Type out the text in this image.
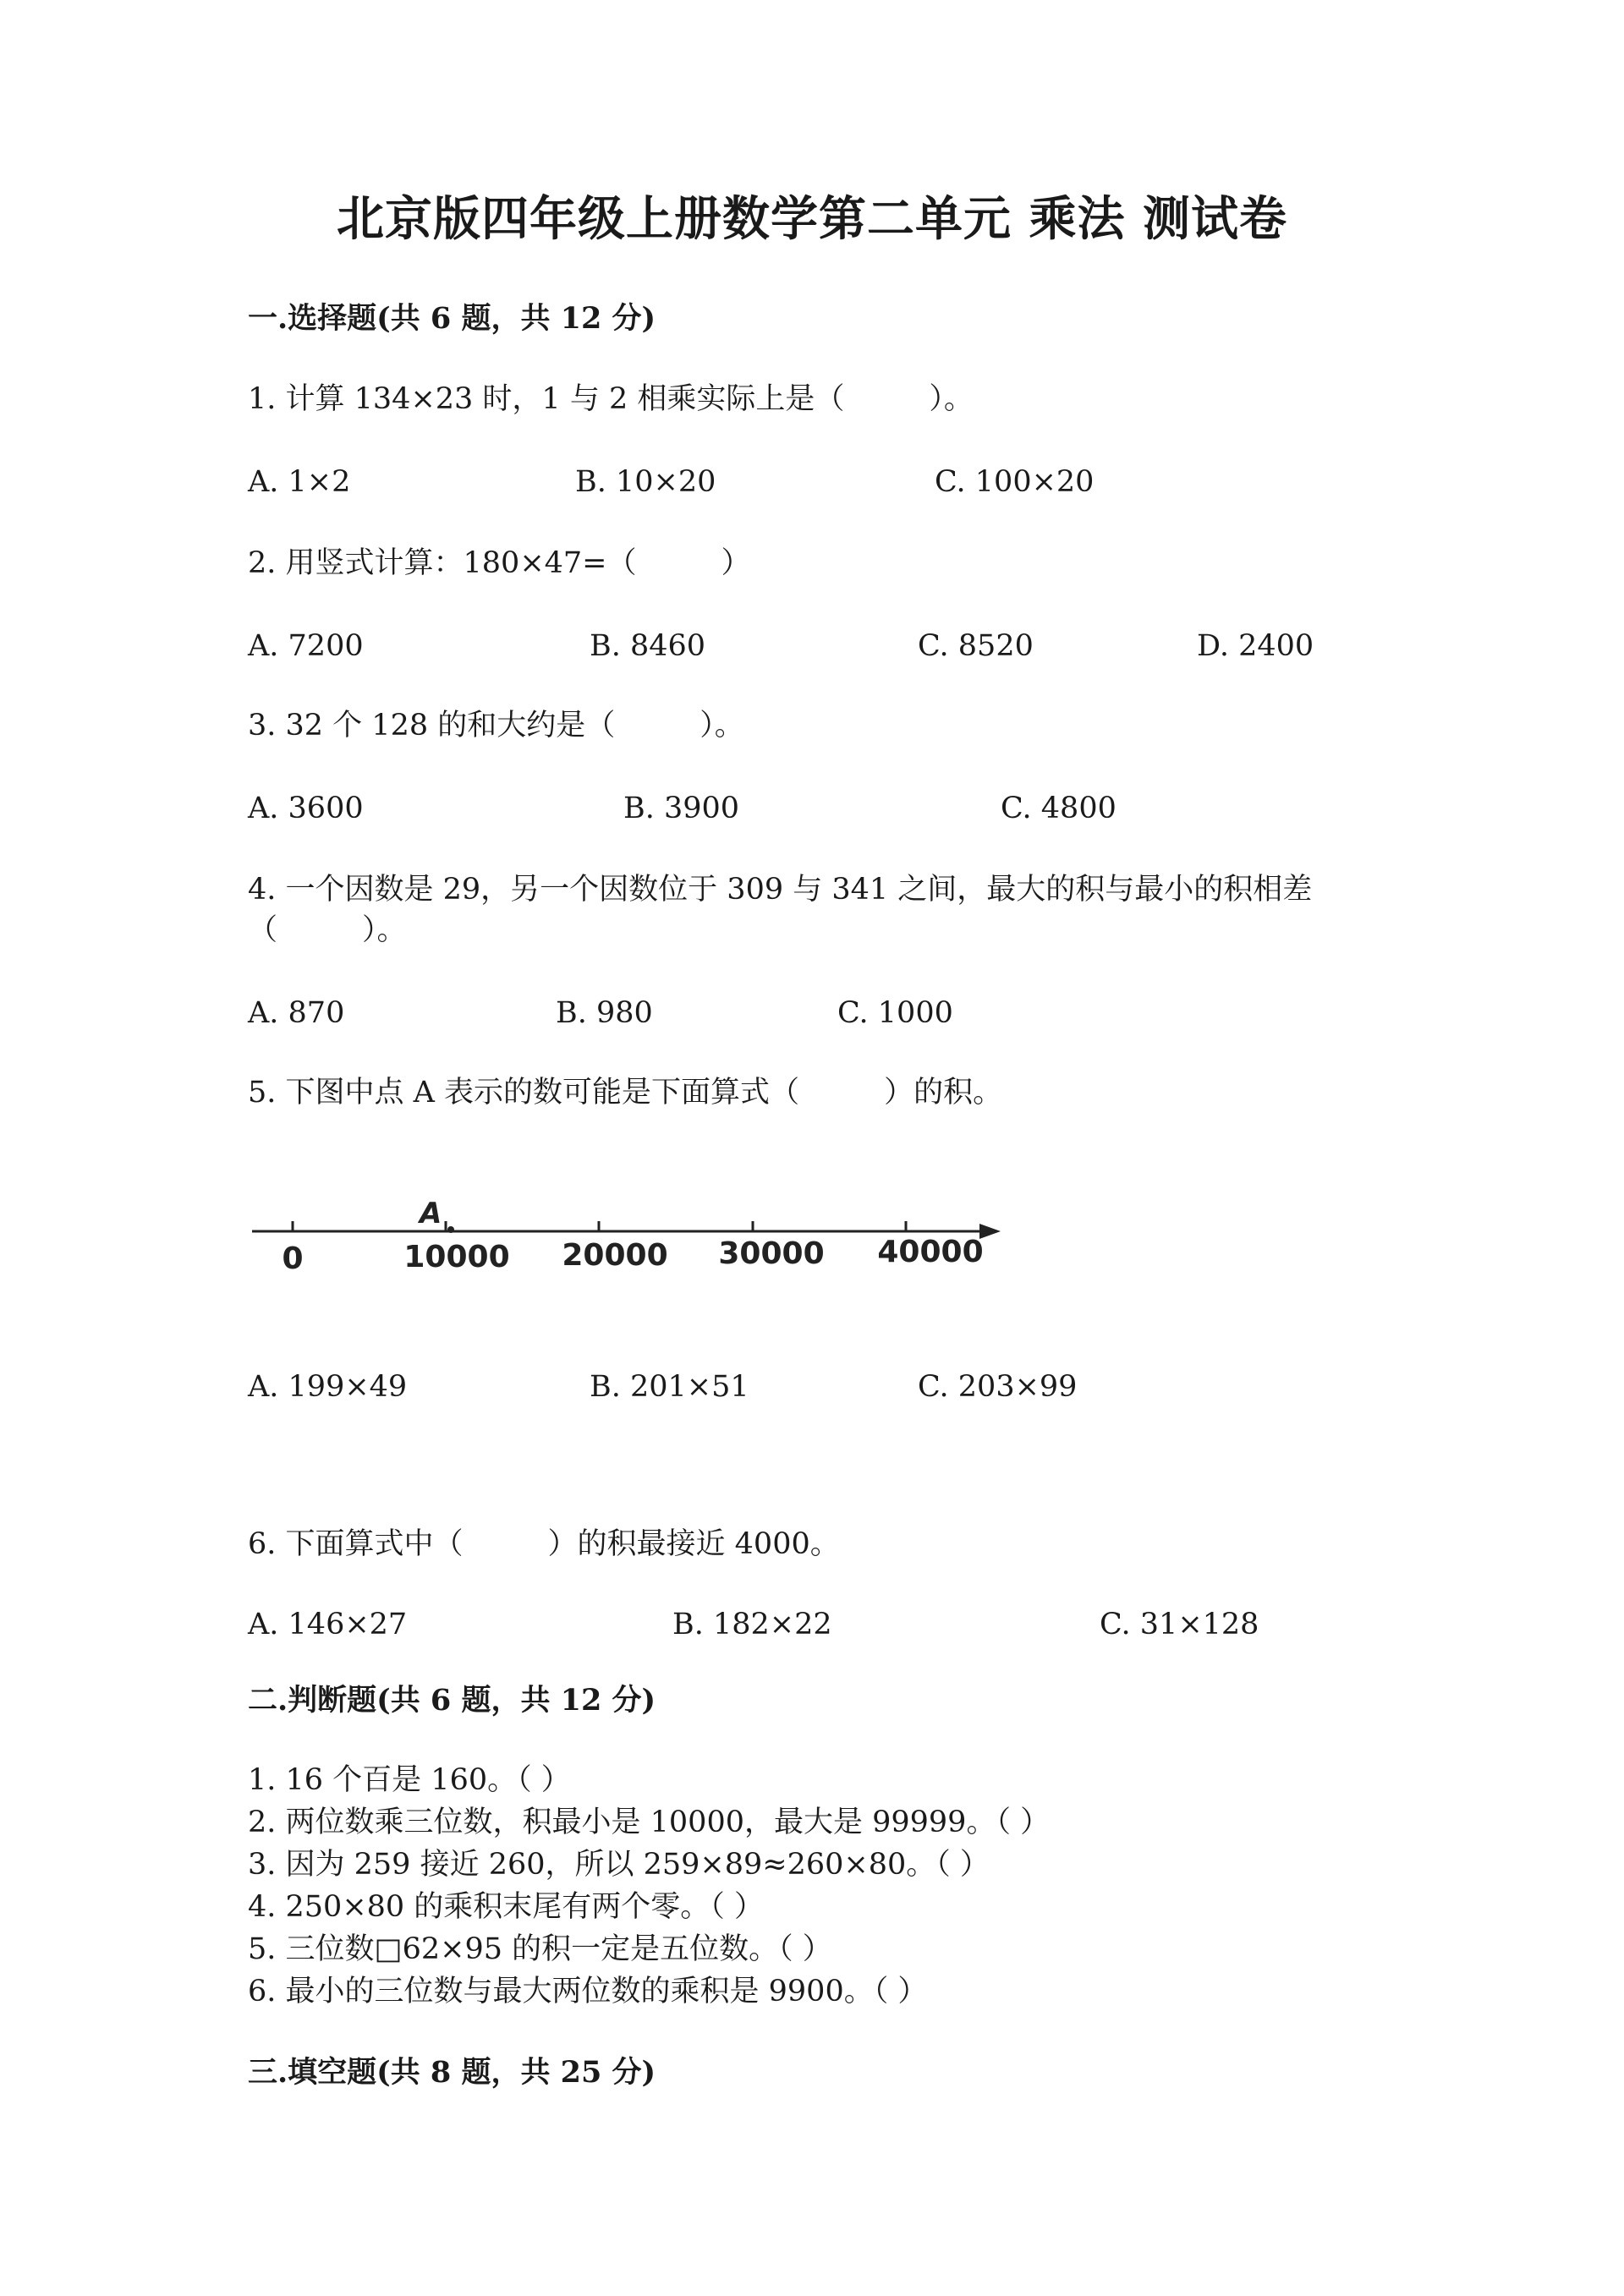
北京版四年级上册数学第二单元 乘法 测试卷
一.选择题(共 6 题，共 12 分)
1. 计算 134×23 时，1 与 2 相乘实际上是（	）。
A. 1×2	B. 10×20	C. 100×20
2. 用竖式计算：180×47=（	）
A. 7200	B. 8460	C. 8520	D. 2400
3. 32 个 128 的和大约是（	）。
A. 3600	B. 3900	C. 4800
4. 一个因数是 29，另一个因数位于 309 与 341 之间，最大的积与最小的积相差
（	）。
A. 870	B. 980	C. 1000
5. 下图中点 A 表示的数可能是下面算式（	）的积。
A
0	10000 20000 30000 40000
A. 199×49	B. 201×51	C. 203×99
6. 下面算式中（	）的积最接近 4000。
A. 146×27	B. 182×22	C. 31×128
二.判断题(共 6 题，共 12 分)
1. 16 个百是 160。（ ）
2. 两位数乘三位数，积最小是 10000，最大是 99999。（ ）
3. 因为 259 接近 260，所以 259×89≈260×80。（ ）
4. 250×80 的乘积末尾有两个零。（ ）
5. 三位数□62×95 的积一定是五位数。（ ）
6. 最小的三位数与最大两位数的乘积是 9900。（ ）
三.填空题(共 8 题，共 25 分)
